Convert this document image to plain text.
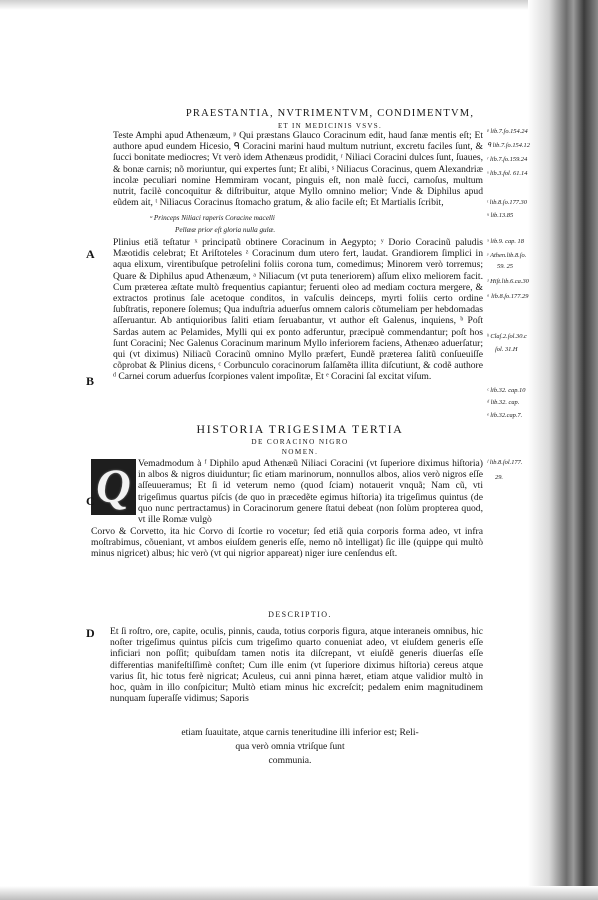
PRAESTANTIA, NVTRIMENTVM, CONDIMENTVM,
ET IN MEDICINIS VSVS.

Teste Amphi apud Athenæum, ᵖ Qui præstans Glauco Coracinum edit, haud ſanæ mentis eſt; Et authore apud eundem Hicesio, ᑫ Coracini marini haud multum nutriunt, excretu faciles ſunt, & ſucci bonitate mediocres; Vt verò idem Athenæus prodidit, ʳ Niliaci Coracini dulces ſunt, ſuaues, & bonæ carnis; nõ moriuntur, qui expertes ſunt; Et alibi, ˢ Niliacus Coracinus, quem Alexandriæ incolæ peculiari nomine Hemmiram vocant, pinguis eſt, non malè ſucci, carnoſus, multum nutrit, facilè concoquitur & diſtribuitur, atque Myllo omnino melior; Vnde & Diphilus apud eũdem ait, ᵗ Niliacus Coracinus ſtomacho gratum, & alio facile eſt; Et Martialis ſcribit,

ᵘ Princeps Niliaci raperis Coracine macelli
Pellææ prior eſt gloria nulla gulæ.

Plinius etiã teſtatur ˣ principatũ obtinere Coracinum in Aegypto; ʸ Dorio Coracinũ paludis Mæotidis celebrat; Et Ariſtoteles ᶻ Coracinum dum utero fert, laudat. Grandiorem ſimplici in aqua elixum, virentibuſque petroſelini foliis corona tum, comedimus; Minorem verò torremus; Quare & Diphilus apud Athenæum, ᵃ Niliacum (vt puta teneriorem) aſſum elixo meliorem facit. Cum præterea æſtate multò frequentius capiantur; feruenti oleo ad mediam coctura mergere, & extractos protinus ſale acetoque conditos, in vaſculis deinceps, myrti foliis certo ordine ſubſtratis, reponere ſolemus; Qua induſtria aduerſus omnem caloris cõtumeliam per hebdomadas aſſeruantur. Ab antiquioribus ſaliti etiam ſeruabantur, vt author eſt Galenus, inquiens, ᵇ Poſt Sardas autem ac Pelamides, Mylli qui ex ponto adferuntur, præcipuè commendantur; poſt hos ſunt Coracini; Nec Galenus Coracinum marinum Myllo inferiorem faciens, Athenæo aduerſatur; qui (vt diximus) Niliacũ Coracinũ omnino Myllo præfert, Eundẽ præterea ſalitũ conſueuiſſe cõprobat & Plinius dicens, ᶜ Corbunculo coracinorum ſalſamẽta illita diſcutiunt, & codẽ authore ᵈ Carnei corum aduerſus ſcorpiones valent impoſitæ, Et ᵉ Coracini ſal excitat viſum.

HISTORIA TRIGESIMA TERTIA
DE CORACINO NIGRO
NOMEN.
Q Vemadmodum à ᶠ Diphilo apud Athenæũ Niliaci Coracini (vt ſuperiore diximus hiſtoria) in albos & nigros diuiduntur; ſic etiam marinorum, nonnullos albos, alios verò nigros eſſe aſſeuueramus; Et ſi id veterum nemo (quod ſciam) notauerit vnquã; Nam cũ, vti trigeſimus quartus piſcis (de quo in præcedẽte egimus hiſtoria) ita trigeſimus quintus (de quo nunc pertractamus) in Coracinorum genere ſtatui debeat (non ſolùm propterea quod, vt ille Romæ vulgò

Corvo & Corvetto, ita hic Corvo di ſcortie ro vocetur; ſed etiã quia corporis forma adeo, vt infra moſtrabimus, cõueniant, vt ambos eiuſdem generis eſſe, nemo nõ intelligat) ſic ille (quippe qui multò minus nigricet) albus; hic verò (vt qui nigrior appareat) niger iure cenſendus eſt.

DESCRIPTIO.

Et ſi roſtro, ore, capite, oculis, pinnis, cauda, totius corporis figura, atque interaneis omnibus, hic noſter trigeſimus quintus piſcis cum trigeſimo quarto conueniat adeo, vt eiuſdem generis eſſe inficiari non poſſit; quibuſdam tamen notis ita diſcrepant, vt eiuſdẽ generis diuerſas eſſe differentias manifeſtiſſimè conſtet; Cum ille enim (vt ſuperiore diximus hiſtoria) cereus atque varius ſit, hic totus ferè nigricat; Aculeus, cui anni pinna hæret, etiam atque validior multò in hoc, quàm in illo conſpicitur; Multò etiam minus hic excreſcit; pedalem enim magnitudinem nunquam ſuperaſſe vidimus; Saporis

etiam ſuauitate, atque carnis teneritudine illi inferior est; Reli-

qua verò omnia vtriſque ſunt

communia.

A
B
C
D
ᵖ lib.7.ſo.154.24
ᑫ lib.7.ſo.154.12
ʳ lib.7.ſo.159.24
ˢ lib.3.fol. 61.14
ᵗ lib.8.ſo.177.30
ᵘ lib.13.85
ˣ lib.9. cap. 18
ʸ Athen.lib.8.ſo.
59. 25
ᶻ Hiſt.lib.6.ca.30
ᵃ lib.8.ſo.177.29
ᵇ Claſ.2.ſol.30.c
ſol. 31.H
ᶜ lib.32. cap.10
ᵈ lib.32. cap.
ᵉ lib.32.cap.7.
ᶠ lib.8.ſol.177.
29.
